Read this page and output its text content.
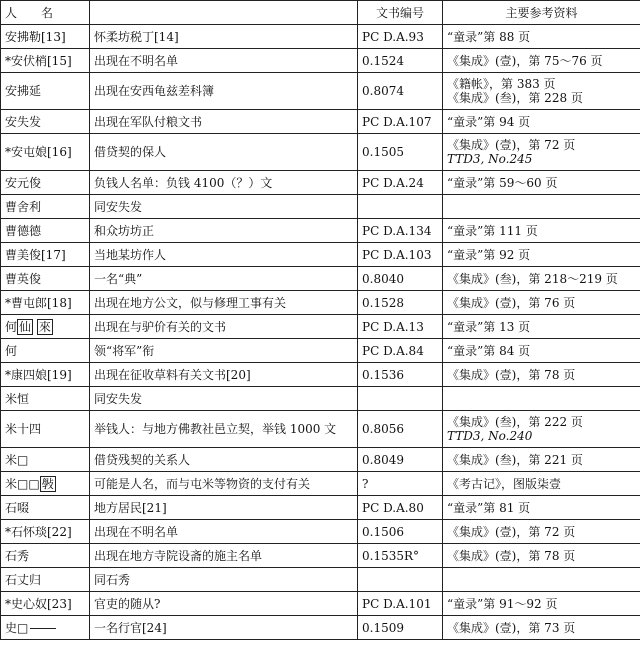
人　　名		文书编号	主要参考资料
安拂勒[13]	怀柔坊税丁[14]	PC D.A.93	“童录”第 88 页
*安伏梢[15]	出现在不明名单	0.1524	《集成》(壹)，第 75～76 页
安拂延	出现在安西龟兹差科簿	0.8074	《籍帐》，第 383 页
《集成》(叁)，第 228 页

安失发	出现在军队付粮文书	PC D.A.107	“童录”第 94 页
*安屯娘[16]	借贷契的保人	0.1505	《集成》(壹)，第 72 页
TTD3, No.245

安元俊	负钱人名单：负钱 4100（？）文	PC D.A.24	“童录”第 59～60 页
曹舍利	同安失发		
曹德德	和众坊坊正	PC D.A.134	“童录”第 111 页
曹美俊[17]	当地某坊作人	PC D.A.103	“童录”第 92 页
曹英俊	一名“典”	0.8040	《集成》(叁)，第 218～219 页
*曹屯郎[18]	出现在地方公文，似与修理工事有关	0.1528	《集成》(壹)，第 76 页
何 仙 來	出现在与驴价有关的文书	PC D.A.13	“童录”第 13 页
何	领“将军”衔	PC D.A.84	“童录”第 84 页
*康四娘[19]	出现在征收草料有关文书[20]	0.1536	《集成》(壹)，第 78 页
米恒	同安失发		
米十四	举钱人：与地方佛教社邑立契，举钱 1000 文	0.8056	《集成》(叁)，第 222 页
TTD3, No.240

米□	借贷残契的关系人	0.8049	《集成》(叁)，第 221 页
米□□ 斅	可能是人名，而与屯米等物资的支付有关	?	《考古记》，图版柒壹
石啜	地方居民[21]	PC D.A.80	“童录”第 81 页
*石怀琰[22]	出现在不明名单	0.1506	《集成》(壹)，第 72 页
石秀	出现在地方寺院设斋的施主名单	0.1535R°	《集成》(壹)，第 78 页
石丈归	同石秀		
*史心奴[23]	官吏的随从?	PC D.A.101	“童录”第 91～92 页
史□	一名行官[24]	0.1509	《集成》(壹)，第 73 页
